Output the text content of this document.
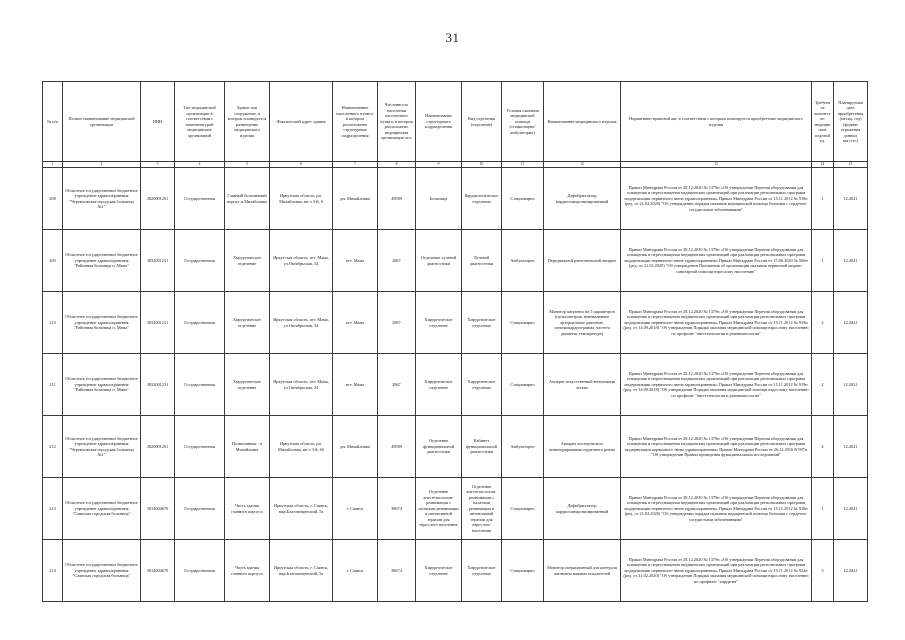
31
№ п/п	Полное наименование медицинской организации	ИНН	Тип медицинской организации в соответствии с номенклатурой медицинских организаций	Здание или сооружение, в котором планируется размещение медицинского изделия	Фактический адрес здания	Наименование населенного пункта, в котором расположены структурные подразделения	Численность населения населенного пункта, в котором расположено медицинская организация чел.	Наименование структурного подразделения	Вид отделения (отделение)	Условия оказания медицинской помощи (стационарно/амбулаторно)	Наименование медицинского изделия	Нормативно-правовой акт, в соответствии с которым планируется приобретение медицинского изделия	Требуемое количество медицинских изделий ед.	Планируемая дата приобретения (месяц, год) (формат отражения данных мм.гггг.)
1	2	3	4	5	6	7	8	9	10	11	12	13	14	15
208	Областное государственное бюджетное учреждение здравоохранения "Черемховская городская больница №1"	3820001261	Государственная	Главный больничный корпус п.Михайловка	Иркутская область, рп. Михайловка, кв-л 3-й, 6	рп. Михайловка	49989	Больница	Кардиологическое отделение	Стационарно	Дефибриллятор кардиосинхронизированный	Приказ Минздрава России от 28.12.2020 № 1379н «Об утверждении Перечня оборудования для оснащения и переоснащения медицинских организаций при реализации региональных программ модернизации первичного звена здравоохранения» Приказ Минздрава России от 15.11.2012 № 918н (ред. от 21.02.2020) "Об утверждении порядка оказания медицинской помощи больным с сердечно-сосудистыми заболеваниями"	1	12.2021
209	Областное государственное бюджетное учреждение здравоохранения "Районная больница п. Мама"	3832001231	Государственная	Хирургическое отделение	Иркутская область, пгт. Мама, ул.Октябрьская, 34	пгт. Мама	2867	Отделение лучевой диагностики	Лучевой диагностики	Амбулаторно	Передвижной рентгеновский аппарат	Приказ Минздрава России от 28.12.2020 № 1379н «Об утверждении Перечня оборудования для оснащения и переоснащения медицинских организаций при реализации региональных программ модернизации первичного звена здравоохранения» Приказ Минздрава России от 15.06.2020 № 560н (ред. от 21.02.2020) "Об утверждении Положения об организации оказания первичной медико-санитарной помощи взрослому населению"	1	12.2021
210	Областное государственное бюджетное учреждение здравоохранения "Районная больница п. Мама"	3832001231	Государственная	Хирургическое отделение	Иркутская область, пгт. Мама, ул.Октябрьская, 34	пгт. Мама	2867	Хирургическое отделение	Хирургическое отделение	Стационарно	Монитор пациента на 5 параметров (пульсометрия, неинвазивное артериальное давление, электрокардиограмма, частота дыхания, температура)	Приказ Минздрава России от 28.12.2020 № 1379н «Об утверждении Перечня оборудования для оснащения и переоснащения медицинских организаций при реализации региональных программ модернизации первичного звена здравоохранения» Приказ Минздрава России от 15.11.2012 № 919н (ред. от 14.09.2018) "Об утверждении Порядка оказания медицинской помощи взрослому населению по профилю "анестезиология и реаниматология"	2	12.2021
211	Областное государственное бюджетное учреждение здравоохранения "Районная больница п. Мама"	3832001231	Государственная	Хирургическое отделение	Иркутская область, пгт. Мама, ул.Октябрьская, 34	пгт. Мама	2867	Хирургическое отделение	Хирургическое отделение	Стационарно	Аппарат искусственной вентиляции легких	Приказ Минздрава России от 28.12.2020 № 1379н «Об утверждении Перечня оборудования для оснащения и переоснащения медицинских организаций при реализации региональных программ модернизации первичного звена здравоохранения» Приказ Минздрава России от 15.11.2012 № 919н (ред. от 14.09.2018) "Об утверждении Порядка оказания медицинской помощи взрослому населению по профилю "анестезиология и реаниматология"	2	12.2021
212	Областное государственное бюджетное учреждение здравоохранения "Черемховская городская больница №1"	3820001261	Государственная	Поликлиника - п Михайловка	Иркутская область, рп. Михайловка, кв-л 3-й, 6б	рп. Михайловка	49989	Отделение функциональной диагностики	Кабинет функциональной диагностики	Амбулаторно	Аппарат холтеровского мониторирования сердечного ритма	Приказ Минздрава России от 28.12.2020 № 1379н «Об утверждении Перечня оборудования для оснащения и переоснащения медицинских организаций при реализации региональных программ модернизации первичного звена здравоохранения» Приказ Минздрава России от 26.12.2016 N 997н "Об утверждении Правил проведения функциональных исследований"	4	12.2021
213	Областное государственное бюджетное учреждение здравоохранения "Саянская городская больница"	3814004670	Государственная	Часть здания главного корпуса	Иркутская область, г. Саянск, мкр.Благовещенский, 5а	г. Саянск	38674	Отделение анестезиологии-реанимации с палатами реанимации и интенсивной терапии для взрослого населения	Отделение анестезиологии-реанимации с палатами реанимации и интенсивной терапии для взрослого населения	Стационарно	Дефибриллятор кардиосинхронизированный	Приказ Минздрава России от 28.12.2020 № 1379н «Об утверждении Перечня оборудования для оснащения и переоснащения медицинских организаций при реализации региональных программ модернизации первичного звена здравоохранения» Приказ Минздрава России от 15.11.2012 № 918н (ред. от 21.02.2020) "Об утверждении порядка оказания медицинской помощи больным с сердечно-сосудистыми заболеваниями"	1	12.2021
214	Областное государственное бюджетное учреждение здравоохранения "Саянская городская больница"	3814004670	Государственная	Часть здания главного корпуса	Иркутская область, г. Саянск, мкр.Благовещенский, 5а	г. Саянск	38674	Хирургическое отделение	Хирургическое отделение	Стационарно	Монитор операционный для контроля жизненно важных показателей	Приказ Минздрава России от 28.12.2020 № 1379н «Об утверждении Перечня оборудования для оснащения и переоснащения медицинских организаций при реализации региональных программ модернизации первичного звена здравоохранения» Приказ Минздрава России от 15.11.2012 № 922н (ред. от 21.02.2020) "Об утверждении Порядка оказания медицинской помощи взрослому населению по профилю "хирургия"	3	12.2021
